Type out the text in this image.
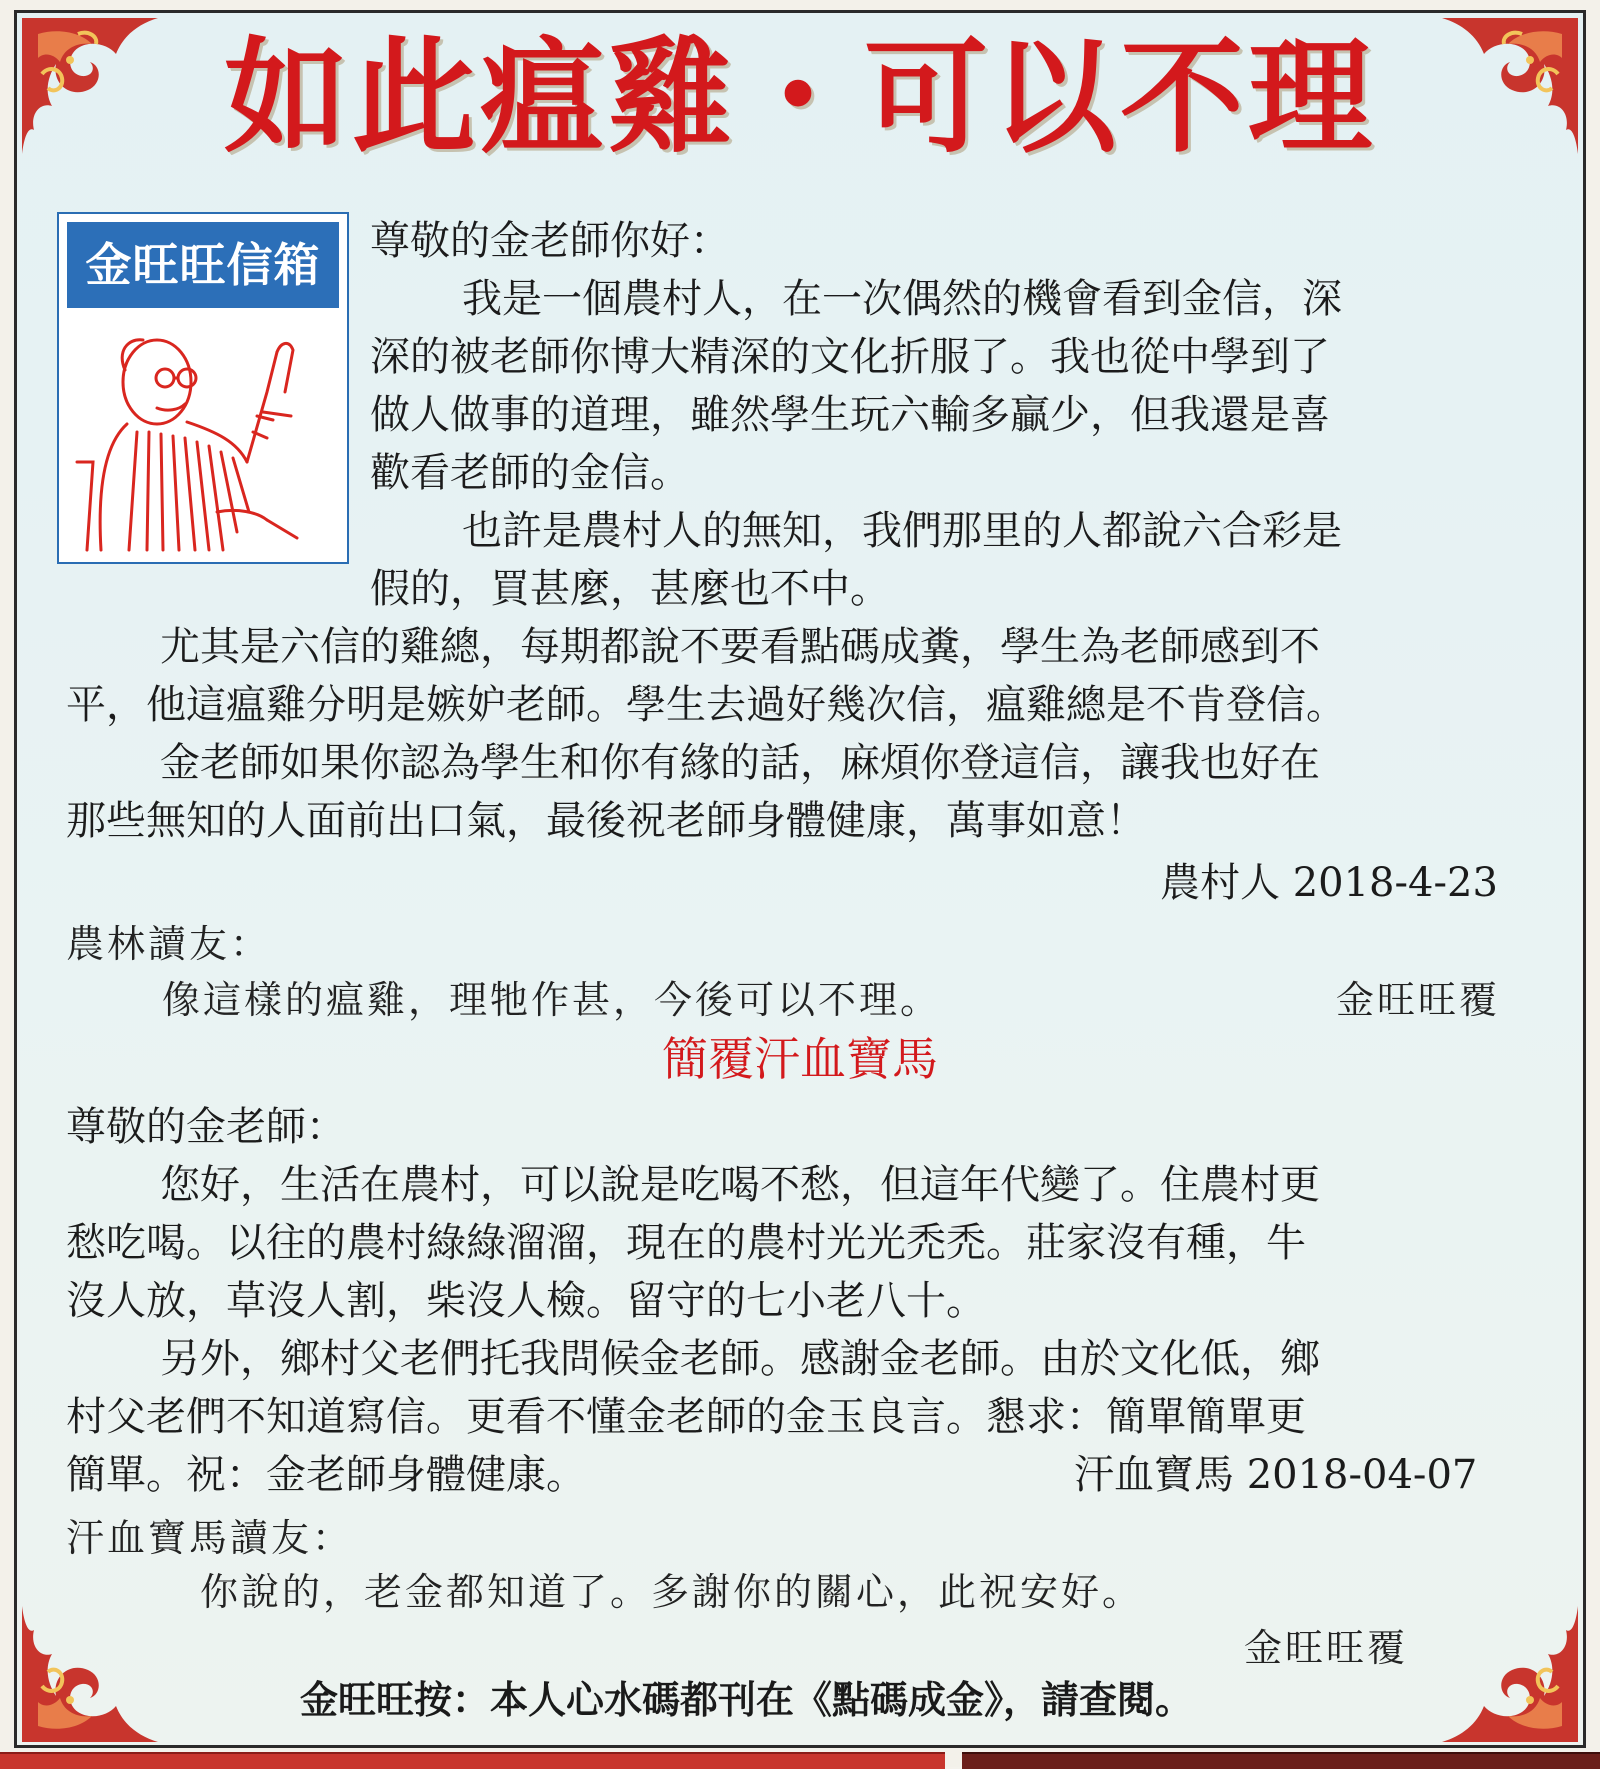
如此瘟雞・可以不理
金旺旺信箱	尊敬的金老師你好：
我是一個農村人，在一次偶然的機會看到金信，深
深的被老師你博大精深的文化折服了。我也從中學到了
做人做事的道理，雖然學生玩六輸多贏少，但我還是喜
歡看老師的金信。
也許是農村人的無知，我們那里的人都說六合彩是
假的，買甚麼，甚麼也不中。
尤其是六信的雞總，每期都說不要看點碼成糞，學生為老師感到不
平，他這瘟雞分明是嫉妒老師。學生去過好幾次信，瘟雞總是不肯登信。
金老師如果你認為學生和你有緣的話，麻煩你登這信，讓我也好在
那些無知的人面前出口氣，最後祝老師身體健康，萬事如意！
農村人 2018-4-23
農林讀友：
像這樣的瘟雞，理牠作甚，今後可以不理。	金旺旺覆
簡覆汗血寶馬
尊敬的金老師：
您好，生活在農村，可以說是吃喝不愁，但這年代變了。住農村更
愁吃喝。以往的農村綠綠溜溜，現在的農村光光禿禿。莊家沒有種，牛
沒人放，草沒人割，柴沒人檢。留守的七小老八十。
另外，鄉村父老們托我問候金老師。感謝金老師。由於文化低，鄉
村父老們不知道寫信。更看不懂金老師的金玉良言。懇求：簡單簡單更
簡單。祝：金老師身體健康。	汗血寶馬 2018-04-07
汗血寶馬讀友：
你說的，老金都知道了。多謝你的關心，此祝安好。
金旺旺覆
金旺旺按：本人心水碼都刊在《點碼成金》，請查閱。
